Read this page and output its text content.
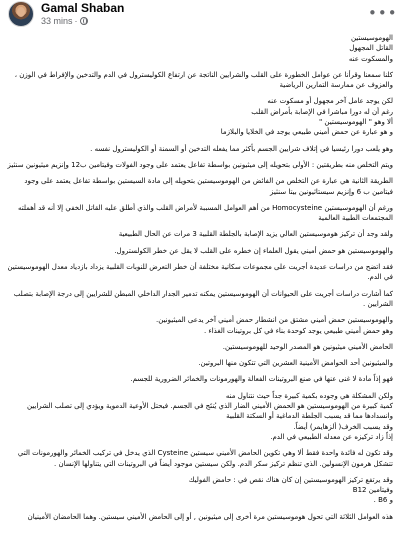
Gamal Shaban
33 mins ·	•••

الهوموسيستين
القاتل المجهول
والمسكوت عنه

كلنا سمعنا وقرأنا عن عوامل الخطورة على القلب والشرايين الناتجة عن ارتفاع الكوليسترول في الدم والتدخين والإفراط في الوزن ، والعزوف عن ممارسة التمارين الرياضية

لكن يوجد عامل آخر مجهول أو مسكوت عنه
رغم أن له دورا مباشرا في الإصابة بأمراض القلب
ألا وهو " الهوموسيستين "
و هو عبارة عن حمض أميني طبيعي يوجد في الخلايا والبلازما

وهو يلعب دورا رئيسيا في إتلاف شرايين الجسم بأكثر مما يفعله التدخين أو السمنة أو الكوليسترول نفسه .

ويتم التخلص منه بطريقتين : الأولى بتحويله إلى ميثيونين بواسطة تفاعل يعتمد على وجود الفولات وفيتامين ب12 وإنزيم ميثيونين سنثيز

الطريقة الثانية هي عبارة عن التخلص من الفائض من الهوموسيستين بتحويله إلى مادة السيستين بواسطة تفاعل يعتمد على وجود فيتامين ب 6 وإنزيم سيستاثيونين بيتا سنثيز

ورغم أن الهوموسيستين Homocysteine من أهم العوامل المسببة لأمراض القلب والذي أطلق عليه القاتل الخفي إلا أنه قد أهملته المجتمعات الطبية العالمية

ولقد وجد أن تركيز هوموسيستين العالي يزيد الإصابة بالجلطة القلبية 3 مرات عن الحال الطبيعية

والهوموسيستين هو حمض أميني يقول العلماء إن خطره على القلب لا يقل عن خطر الكولسترول.

فقد اتضح من دراسات عديدة أجريت على مجموعات سكانية مختلفة أن خطر التعرض للنوبات القلبية يزداد بازدياد معدل الهوموسيستين في الدم.

كما أشارت دراسات أجريت على الحيوانات أن الهوموسيستين يمكنه تدمير الجدار الداخلي المبطن للشرايين إلى درجة الإصابة بتصلب الشرايين .

والهوموسيستين حمض أميني مشتق من انشطار حمض أميني آخر يدعى الميثيونين.
وهو حمض أميني طبيعي يوجد كوحدة بناء في كل بروتينات الغذاء .

الحامض الأميني ميثيونين هو المصدر الوحيد للهوموسيستين.

والميثيونين أحد الحوامض الأمينية العشرين التي تتكون منها البروتين.

فهو إذاً مادة لا غنى عنها في صنع البروتينات الفعالة والهورمونات والخمائر الضرورية للجسم.

ولكن المشكلة هي وجوده بكمية كبيرة جداً حيث نتناول منه
كمية كبيرة من الهوموسيستين هو الحمض الأميني الضار الذي يُنتَج في الجسم. فيحتل الأوعية الدموية ويؤدي إلى تصلب الشرايين وانسدادها مما قد يسبب الجلطة الدماغية أو السكتة القلبية
وقد يسبب الخرف( ألزهايمر) أيضاً.
إذاً زاد تركيزه عن معدله الطبيعي في الدم.

وقد تكون له فائدة واحدة فقط ألا وهي تكوين الحامض الأميني سيستين Cysteine الذي يدخل في تركيب الخمائر والهورمونات التي تتشكل هرمون الإنسولين. الذي تنظم تركيز سكر الدم. ولكن سيستين موجود أيضاً في البروتينات التي يتناولها الإنسان .

وقد يرتفع تركيز الهوموسيستين إن كان هناك نقص في : حامض الفوليك
وفيتامين B12
و B6 .

هذه العوامل الثلاثة التي تحول هوموسيستين مرة أخرى إلى ميثيونين , أو إلى الحامض الأميني سيستين. وهما الحامضان الأمينيان
